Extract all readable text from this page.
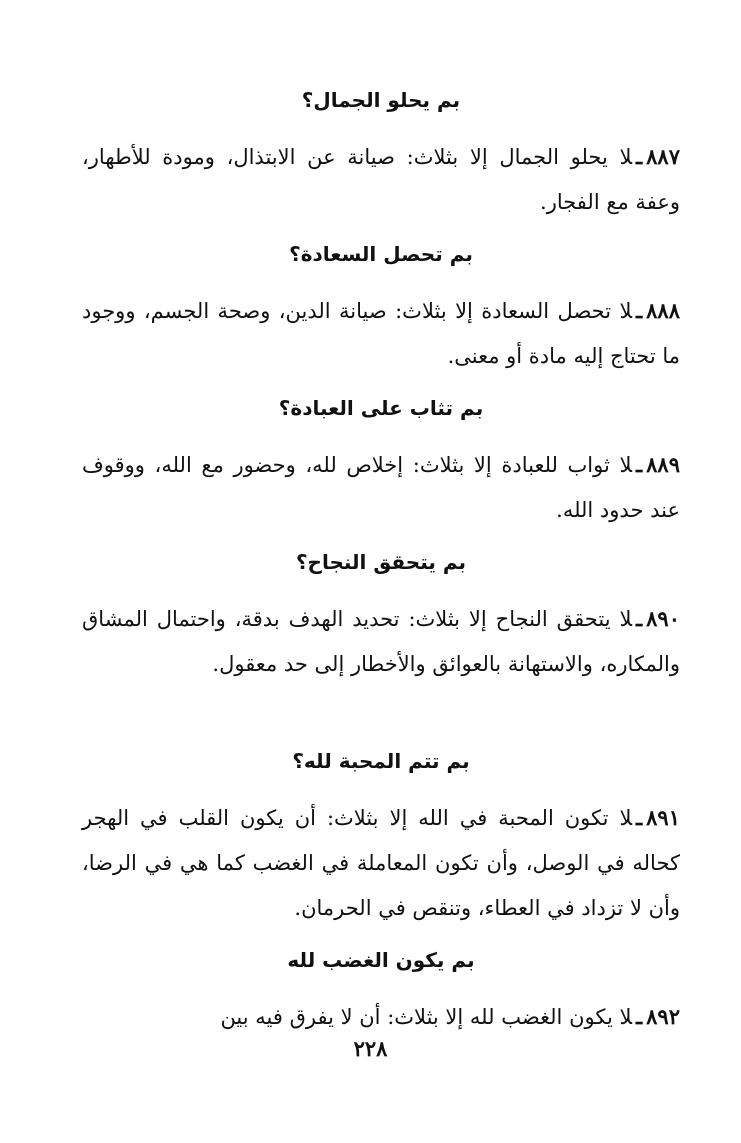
بم يحلو الجمال؟

٨٨٧ـلا يحلو الجمال إلا بثلاث: صيانة عن الابتذال، ومودة للأطهار، وعفة مع الفجار.

بم تحصل السعادة؟

٨٨٨ـلا تحصل السعادة إلا بثلاث: صيانة الدين، وصحة الجسم، ووجود ما تحتاج إليه مادة أو معنى.

بم تثاب على العبادة؟

٨٨٩ـلا ثواب للعبادة إلا بثلاث: إخلاص لله، وحضور مع الله، ووقوف عند حدود الله.

بم يتحقق النجاح؟

٨٩٠ـلا يتحقق النجاح إلا بثلاث: تحديد الهدف بدقة، واحتمال المشاق والمكاره، والاستهانة بالعوائق والأخطار إلى حد معقول.

بم تتم المحبة لله؟

٨٩١ـلا تكون المحبة في الله إلا بثلاث: أن يكون القلب في الهجر كحاله في الوصل، وأن تكون المعاملة في الغضب كما هي في الرضا، وأن لا تزداد في العطاء، وتنقص في الحرمان.

بم يكون الغضب لله

٨٩٢ـلا يكون الغضب لله إلا بثلاث: أن لا يفرق فيه بين

٢٢٨
